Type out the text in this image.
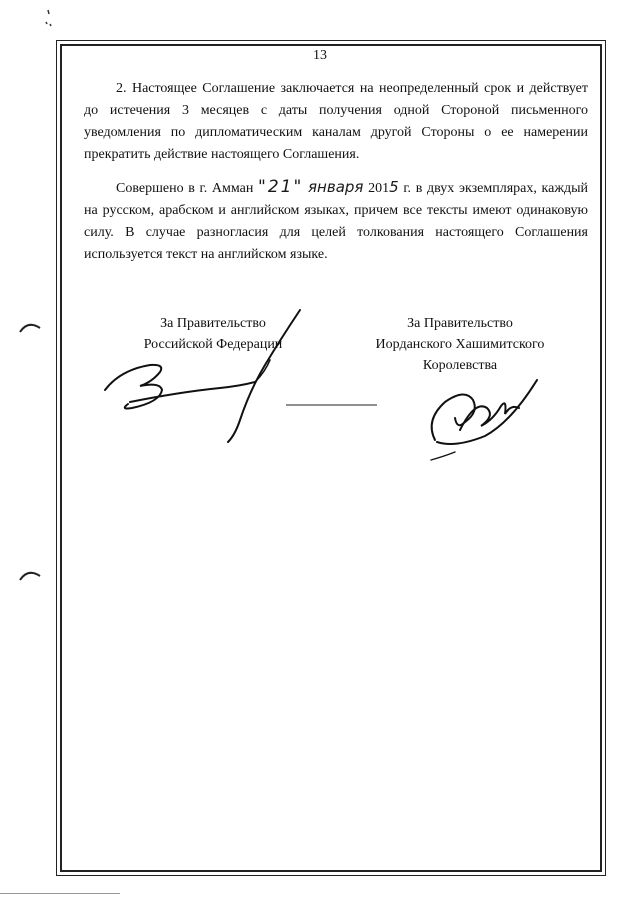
13

2. Настоящее Соглашение заключается на неопределенный срок и действует до истечения 3 месяцев с даты получения одной Стороной письменного уведомления по дипломатическим каналам другой Стороны о ее намерении прекратить действие настоящего Соглашения.

Совершено в г. Амман "21" января 2015 г. в двух экземплярах, каждый на русском, арабском и английском языках, причем все тексты имеют одинаковую силу. В случае разногласия для целей толкования настоящего Соглашения используется текст на английском языке.

За Правительство
Российской Федерации
За Правительство
Иорданского Хашимитского
Королевства
